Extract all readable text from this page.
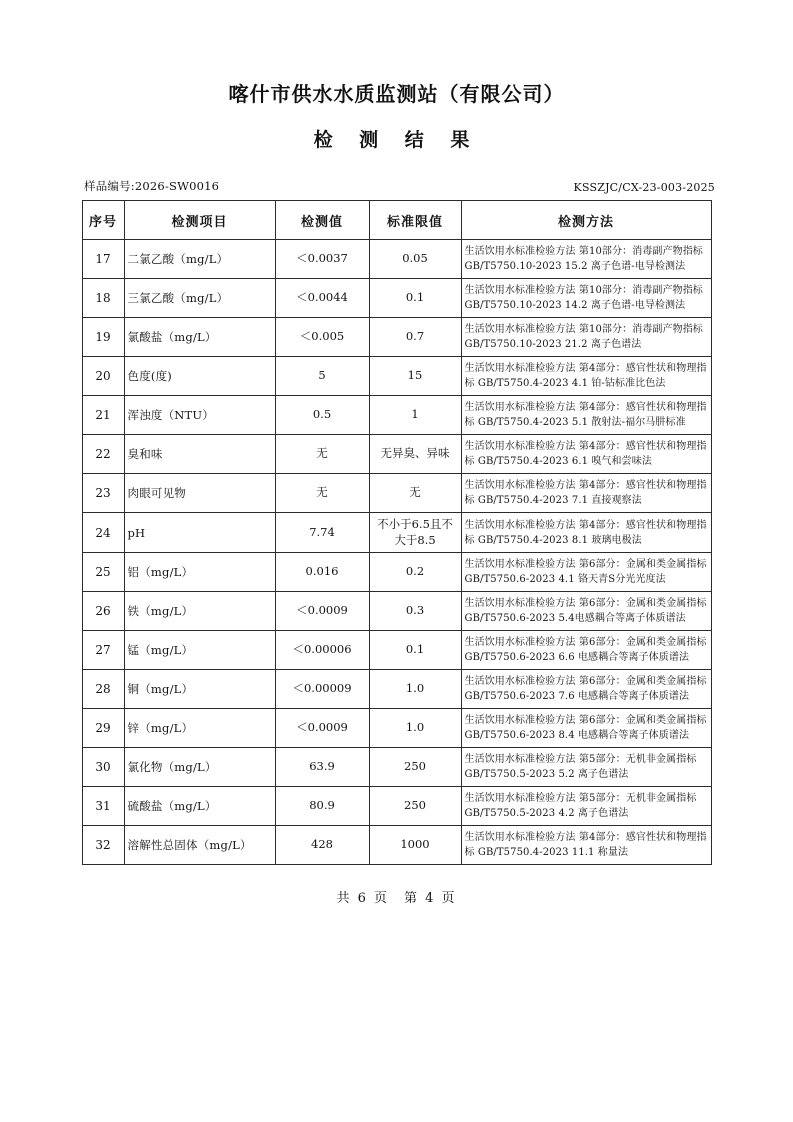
喀什市供水水质监测站（有限公司）
检 测 结 果
样品编号:2026-SW0016	KSSZJC/CX-23-003-2025
序号	检测项目	检测值	标准限值	检测方法
17	二氯乙酸（mg/L）	＜0.0037	0.05	生活饮用水标准检验方法 第10部分：消毒副产物指标 GB/T5750.10-2023 15.2 离子色谱-电导检测法
18	三氯乙酸（mg/L）	＜0.0044	0.1	生活饮用水标准检验方法 第10部分：消毒副产物指标 GB/T5750.10-2023 14.2 离子色谱-电导检测法
19	氯酸盐（mg/L）	＜0.005	0.7	生活饮用水标准检验方法 第10部分：消毒副产物指标 GB/T5750.10-2023 21.2 离子色谱法
20	色度(度)	5	15	生活饮用水标准检验方法 第4部分：感官性状和物理指标 GB/T5750.4-2023 4.1 铂-钴标准比色法
21	浑浊度（NTU）	0.5	1	生活饮用水标准检验方法 第4部分：感官性状和物理指标 GB/T5750.4-2023 5.1 散射法-福尔马肼标准
22	臭和味	无	无异臭、异味	生活饮用水标准检验方法 第4部分：感官性状和物理指标 GB/T5750.4-2023 6.1 嗅气和尝味法
23	肉眼可见物	无	无	生活饮用水标准检验方法 第4部分：感官性状和物理指标 GB/T5750.4-2023 7.1 直接观察法
24	pH	7.74	不小于6.5且不大于8.5	生活饮用水标准检验方法 第4部分：感官性状和物理指标 GB/T5750.4-2023 8.1 玻璃电极法
25	铝（mg/L）	0.016	0.2	生活饮用水标准检验方法 第6部分：金属和类金属指标 GB/T5750.6-2023 4.1 铬天青S分光光度法
26	铁（mg/L）	＜0.0009	0.3	生活饮用水标准检验方法 第6部分：金属和类金属指标 GB/T5750.6-2023 5.4电感耦合等离子体质谱法
27	锰（mg/L）	＜0.00006	0.1	生活饮用水标准检验方法 第6部分：金属和类金属指标 GB/T5750.6-2023 6.6 电感耦合等离子体质谱法
28	铜（mg/L）	＜0.00009	1.0	生活饮用水标准检验方法 第6部分：金属和类金属指标 GB/T5750.6-2023 7.6 电感耦合等离子体质谱法
29	锌（mg/L）	＜0.0009	1.0	生活饮用水标准检验方法 第6部分：金属和类金属指标 GB/T5750.6-2023 8.4 电感耦合等离子体质谱法
30	氯化物（mg/L）	63.9	250	生活饮用水标准检验方法 第5部分：无机非金属指标 GB/T5750.5-2023 5.2 离子色谱法
31	硫酸盐（mg/L）	80.9	250	生活饮用水标准检验方法 第5部分：无机非金属指标 GB/T5750.5-2023 4.2 离子色谱法
32	溶解性总固体（mg/L）	428	1000	生活饮用水标准检验方法 第4部分：感官性状和物理指标 GB/T5750.4-2023 11.1 称量法
共 6 页　第 4 页
